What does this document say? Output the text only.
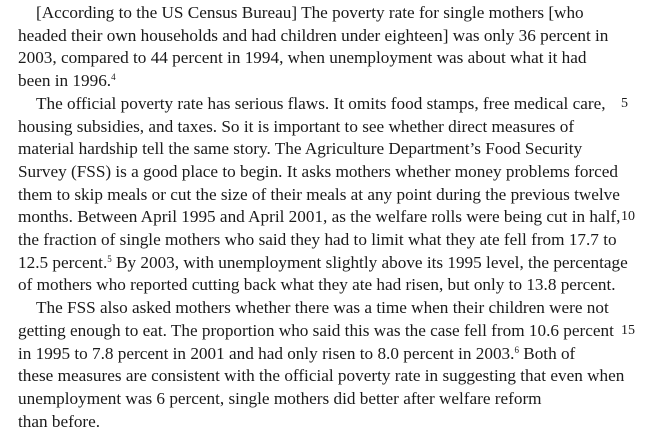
[According to the US Census Bureau] The poverty rate for single mothers [who
headed their own households and had children under eighteen] was only 36 percent in
2003, compared to 44 percent in 1994, when unemployment was about what it had
been in 1996.$^4$
The official poverty rate has serious flaws. It omits food stamps, free medical care,
housing subsidies, and taxes. So it is important to see whether direct measures of
material hardship tell the same story. The Agriculture Department’s Food Security
Survey (FSS) is a good place to begin. It asks mothers whether money problems forced
them to skip meals or cut the size of their meals at any point during the previous twelve
months. Between April 1995 and April 2001, as the welfare rolls were being cut in half,
the fraction of single mothers who said they had to limit what they ate fell from 17.7 to
12.5 percent.$^5$ By 2003, with unemployment slightly above its 1995 level, the percentage
of mothers who reported cutting back what they ate had risen, but only to 13.8 percent.
The FSS also asked mothers whether there was a time when their children were not
getting enough to eat. The proportion who said this was the case fell from 10.6 percent
in 1995 to 7.8 percent in 2001 and had only risen to 8.0 percent in 2003.$^6$ Both of
these measures are consistent with the official poverty rate in suggesting that even when
unemployment was 6 percent, single mothers did better after welfare reform
than before.
5
10
15
